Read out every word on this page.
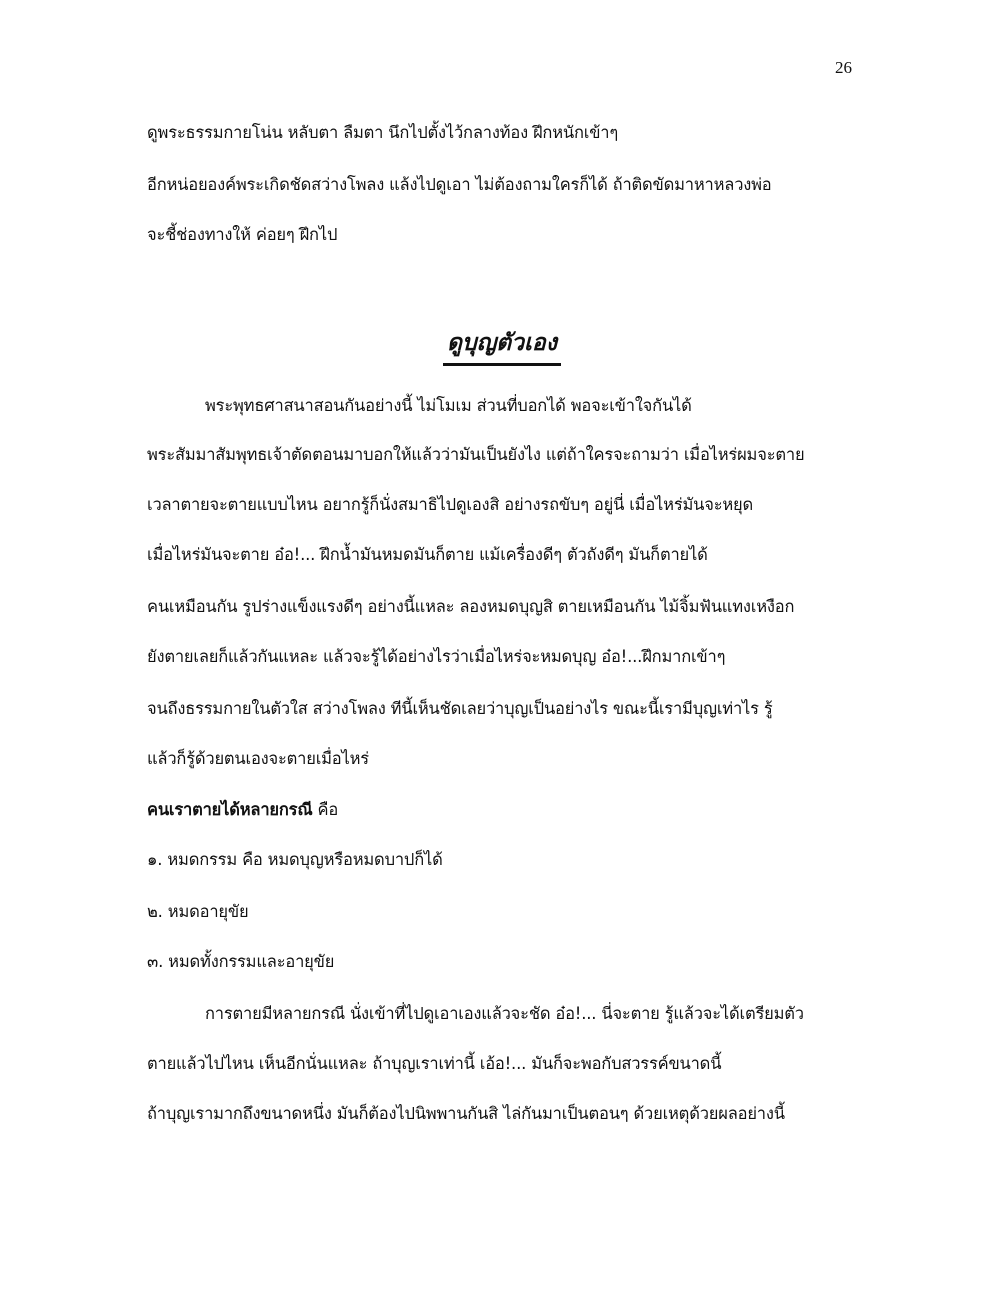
26
ดูพระธรรมกายโน่น หลับตา ลืมตา นึกไปตั้งไว้กลางท้อง ฝึกหนักเข้าๆ
อีกหน่อยองค์พระเกิดชัดสว่างโพลง แล้งไปดูเอา ไม่ต้องถามใครก็ได้ ถ้าติดขัดมาหาหลวงพ่อ
จะชี้ช่องทางให้ ค่อยๆ ฝึกไป
ดูบุญตัวเอง
พระพุทธศาสนาสอนกันอย่างนี้ ไม่โมเม ส่วนที่บอกได้ พอจะเข้าใจกันได้
พระสัมมาสัมพุทธเจ้าตัดตอนมาบอกให้แล้วว่ามันเป็นยังไง แต่ถ้าใครจะถามว่า เมื่อไหร่ผมจะตาย
เวลาตายจะตายแบบไหน อยากรู้ก็นั่งสมาธิไปดูเองสิ อย่างรถขับๆ อยู่นี่ เมื่อไหร่มันจะหยุด
เมื่อไหร่มันจะตาย อ๋อ!... ฝึกน้ำมันหมดมันก็ตาย แม้เครื่องดีๆ ตัวถังดีๆ มันก็ตายได้
คนเหมือนกัน รูปร่างแข็งแรงดีๆ อย่างนี้แหละ ลองหมดบุญสิ ตายเหมือนกัน ไม้จิ้มฟันแทงเหงือก
ยังตายเลยก็แล้วกันแหละ แล้วจะรู้ได้อย่างไรว่าเมื่อไหร่จะหมดบุญ อ๋อ!...ฝึกมากเข้าๆ
จนถึงธรรมกายในตัวใส สว่างโพลง ทีนี้เห็นชัดเลยว่าบุญเป็นอย่างไร ขณะนี้เรามีบุญเท่าไร รู้
แล้วก็รู้ด้วยตนเองจะตายเมื่อไหร่
คนเราตายได้หลายกรณี คือ
๑. หมดกรรม คือ หมดบุญหรือหมดบาปก็ได้
๒. หมดอายุขัย
๓. หมดทั้งกรรมและอายุขัย
การตายมีหลายกรณี นั่งเข้าที่ไปดูเอาเองแล้วจะชัด อ๋อ!... นี่จะตาย รู้แล้วจะได้เตรียมตัว
ตายแล้วไปไหน เห็นอีกนั่นแหละ ถ้าบุญเราเท่านี้ เอ้อ!... มันก็จะพอกับสวรรค์ขนาดนี้
ถ้าบุญเรามากถึงขนาดหนึ่ง มันก็ต้องไปนิพพานกันสิ ไล่กันมาเป็นตอนๆ ด้วยเหตุด้วยผลอย่างนี้
